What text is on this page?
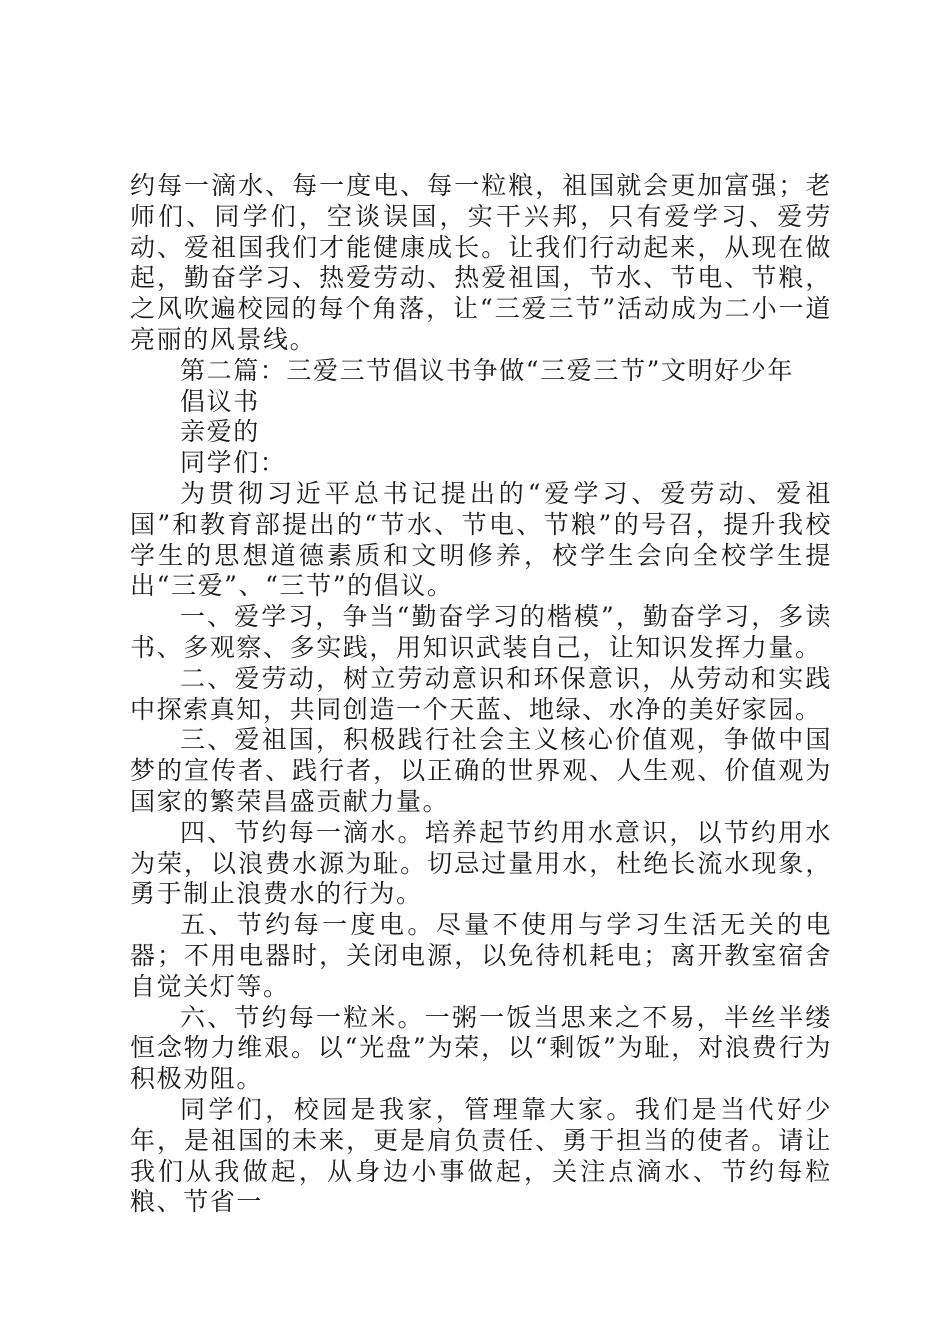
约每一滴水、每一度电、每一粒粮，祖国就会更加富强；老师们、同学们，空谈误国，实干兴邦，只有爱学习、爱劳动、爱祖国我们才能健康成长。让我们行动起来，从现在做起，勤奋学习、热爱劳动、热爱祖国，节水、节电、节粮，之风吹遍校园的每个角落，让“三爱三节”活动成为二小一道亮丽的风景线。

第二篇：三爱三节倡议书争做“三爱三节”文明好少年

倡议书

亲爱的

同学们：

为贯彻习近平总书记提出的“爱学习、爱劳动、爱祖国”和教育部提出的“节水、节电、节粮”的号召，提升我校学生的思想道德素质和文明修养，校学生会向全校学生提出“三爱”、“三节”的倡议。

一、爱学习，争当“勤奋学习的楷模”，勤奋学习，多读书、多观察、多实践，用知识武装自己，让知识发挥力量。

二、爱劳动，树立劳动意识和环保意识，从劳动和实践中探索真知，共同创造一个天蓝、地绿、水净的美好家园。

三、爱祖国，积极践行社会主义核心价值观，争做中国梦的宣传者、践行者，以正确的世界观、人生观、价值观为国家的繁荣昌盛贡献力量。

四、节约每一滴水。培养起节约用水意识，以节约用水为荣，以浪费水源为耻。切忌过量用水，杜绝长流水现象，勇于制止浪费水的行为。

五、节约每一度电。尽量不使用与学习生活无关的电器；不用电器时，关闭电源，以免待机耗电；离开教室宿舍自觉关灯等。

六、节约每一粒米。一粥一饭当思来之不易，半丝半缕恒念物力维艰。以“光盘”为荣，以“剩饭”为耻，对浪费行为积极劝阻。

同学们，校园是我家，管理靠大家。我们是当代好少年，是祖国的未来，更是肩负责任、勇于担当的使者。请让我们从我做起，从身边小事做起，关注点滴水、节约每粒粮、节省一
